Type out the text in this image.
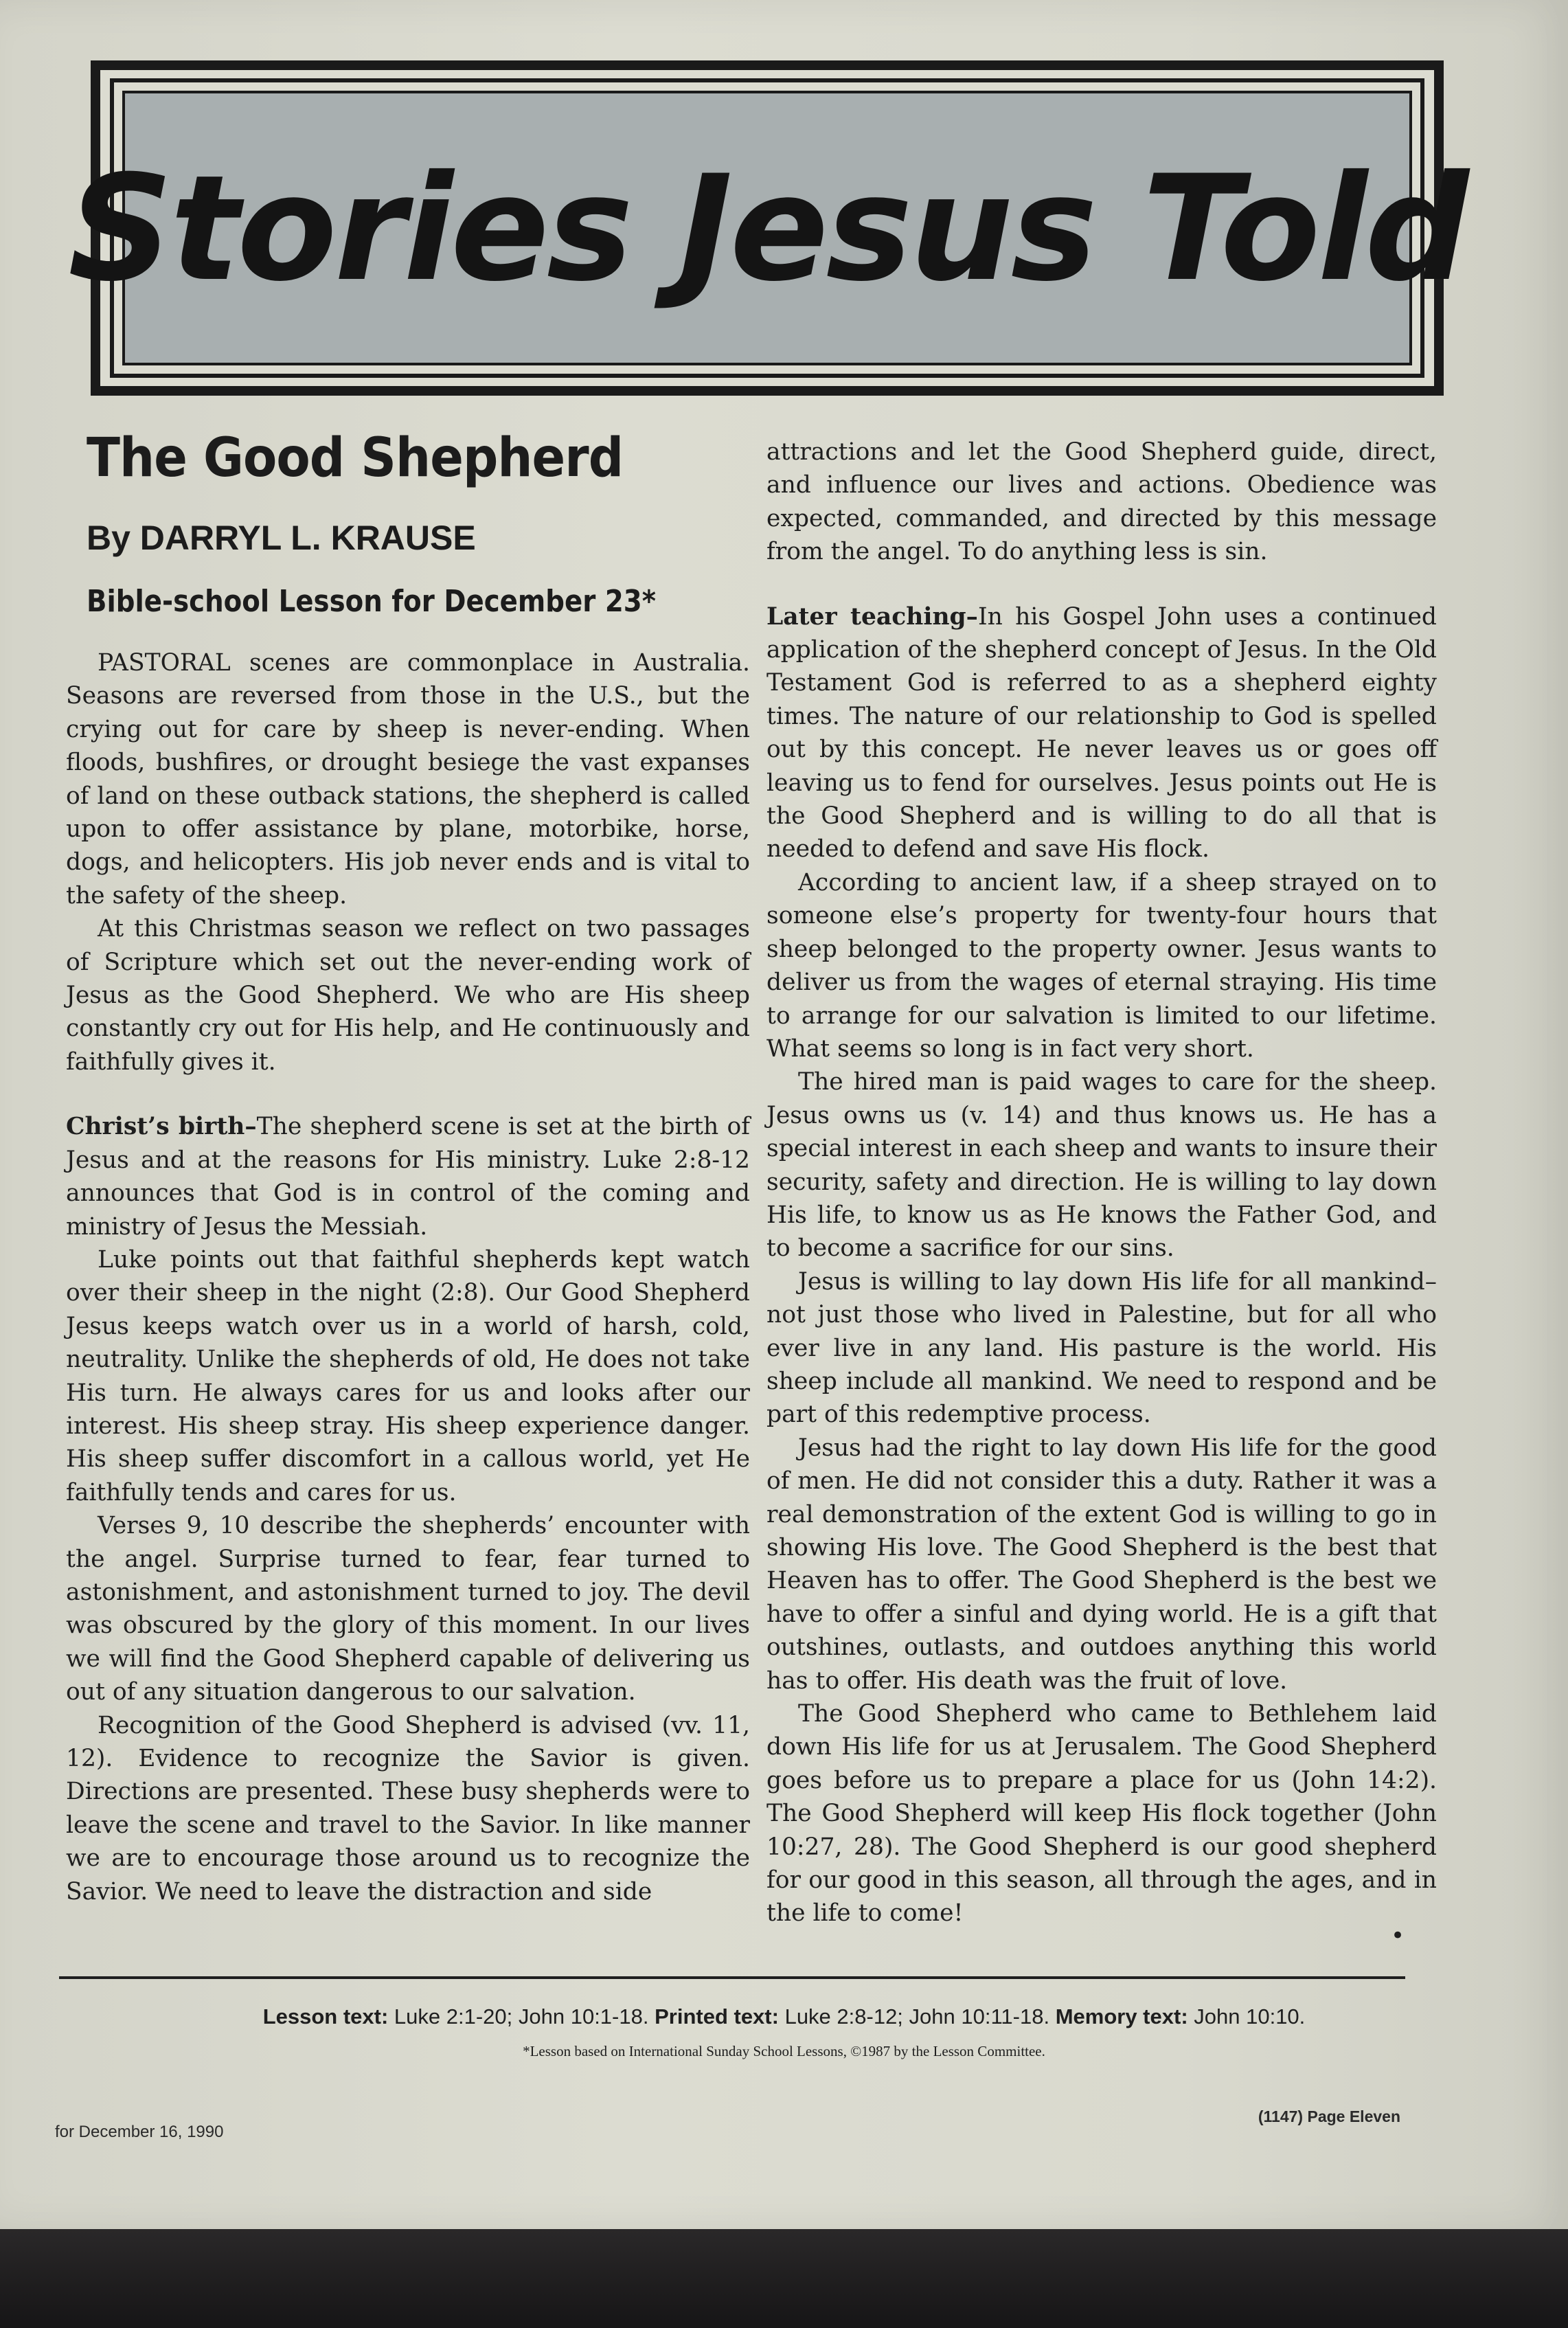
Stories Jesus Told
The Good Shepherd
By DARRYL L. KRAUSE
Bible-school Lesson for December 23*

PASTORAL scenes are commonplace in Australia. Seasons are reversed from those in the U.S., but the crying out for care by sheep is never-ending. When floods, bushfires, or drought besiege the vast expanses of land on these outback stations, the shepherd is called upon to offer assistance by plane, motorbike, horse, dogs, and helicopters. His job never ends and is vital to the safety of the sheep.

At this Christmas season we reflect on two passages of Scripture which set out the never-ending work of Jesus as the Good Shepherd. We who are His sheep constantly cry out for His help, and He continuously and faithfully gives it.

Christ’s birth–The shepherd scene is set at the birth of Jesus and at the reasons for His ministry. Luke 2:8-12 announces that God is in control of the coming and ministry of Jesus the Messiah.

Luke points out that faithful shepherds kept watch over their sheep in the night (2:8). Our Good Shepherd Jesus keeps watch over us in a world of harsh, cold, neutrality. Unlike the shepherds of old, He does not take His turn. He always cares for us and looks after our interest. His sheep stray. His sheep experience danger. His sheep suffer discomfort in a callous world, yet He faithfully tends and cares for us.

Verses 9, 10 describe the shepherds’ encounter with the angel. Surprise turned to fear, fear turned to astonishment, and astonishment turned to joy. The devil was obscured by the glory of this moment. In our lives we will find the Good Shepherd capable of delivering us out of any situation dangerous to our salvation.

Recognition of the Good Shepherd is advised (vv. 11, 12). Evidence to recognize the Savior is given. Directions are presented. These busy shepherds were to leave the scene and travel to the Savior. In like manner we are to encourage those around us to recognize the Savior. We need to leave the distraction and side

attractions and let the Good Shepherd guide, direct, and influence our lives and actions. Obedience was expected, commanded, and directed by this message from the angel. To do anything less is sin.

Later teaching–In his Gospel John uses a continued application of the shepherd concept of Jesus. In the Old Testament God is referred to as a shepherd eighty times. The nature of our relationship to God is spelled out by this concept. He never leaves us or goes off leaving us to fend for ourselves. Jesus points out He is the Good Shepherd and is willing to do all that is needed to defend and save His flock.

According to ancient law, if a sheep strayed on to someone else’s property for twenty-four hours that sheep belonged to the property owner. Jesus wants to deliver us from the wages of eternal straying. His time to arrange for our salvation is limited to our lifetime. What seems so long is in fact very short.

The hired man is paid wages to care for the sheep. Jesus owns us (v. 14) and thus knows us. He has a special interest in each sheep and wants to insure their security, safety and direction. He is willing to lay down His life, to know us as He knows the Father God, and to become a sacrifice for our sins.

Jesus is willing to lay down His life for all mankind–not just those who lived in Palestine, but for all who ever live in any land. His pasture is the world. His sheep include all mankind. We need to respond and be part of this redemptive process.

Jesus had the right to lay down His life for the good of men. He did not consider this a duty. Rather it was a real demonstration of the extent God is willing to go in showing His love. The Good Shepherd is the best that Heaven has to offer. The Good Shepherd is the best we have to offer a sinful and dying world. He is a gift that outshines, outlasts, and outdoes anything this world has to offer. His death was the fruit of love.

The Good Shepherd who came to Bethlehem laid down His life for us at Jerusalem. The Good Shepherd goes before us to prepare a place for us (John 14:2). The Good Shepherd will keep His flock together (John 10:27, 28). The Good Shepherd is our good shepherd for our good in this season, all through the ages, and in the life to come!

•
Lesson text: Luke 2:1-20; John 10:1-18. Printed text: Luke 2:8-12; John 10:11-18. Memory text: John 10:10.
*Lesson based on International Sunday School Lessons, ©1987 by the Lesson Committee.
for December 16, 1990
(1147) Page Eleven
